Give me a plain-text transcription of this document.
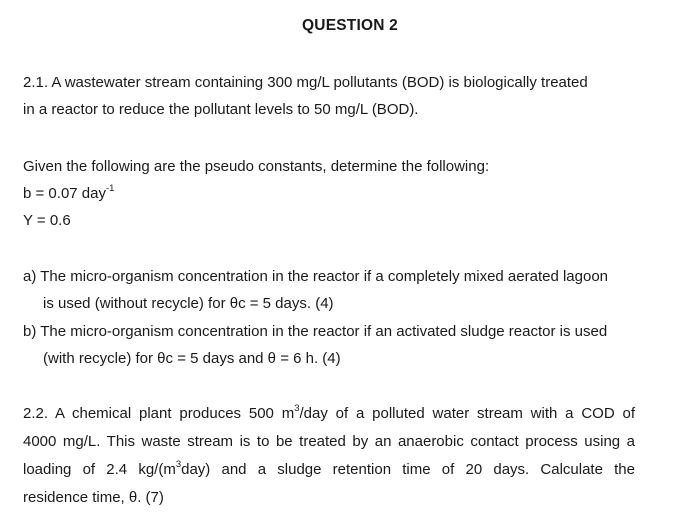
QUESTION 2
2.1. A wastewater stream containing 300 mg/L pollutants (BOD) is biologically treated
in a reactor to reduce the pollutant levels to 50 mg/L (BOD).
Given the following are the pseudo constants, determine the following:
b = 0.07 day$^{-1}$
Y = 0.6
a) The micro-organism concentration in the reactor if a completely mixed aerated lagoon
is used (without recycle) for θc = 5 days. (4)
b) The micro-organism concentration in the reactor if an activated sludge reactor is used
(with recycle) for θc = 5 days and θ = 6 h. (4)
2.2. A chemical plant produces 500 $m^3$/day of a polluted water stream with a COD of
4000 mg/L. This waste stream is to be treated by an anaerobic contact process using a
loading of 2.4 $kg/(m^3day)$ and a sludge retention time of 20 days. Calculate the
residence time, θ. (7)
